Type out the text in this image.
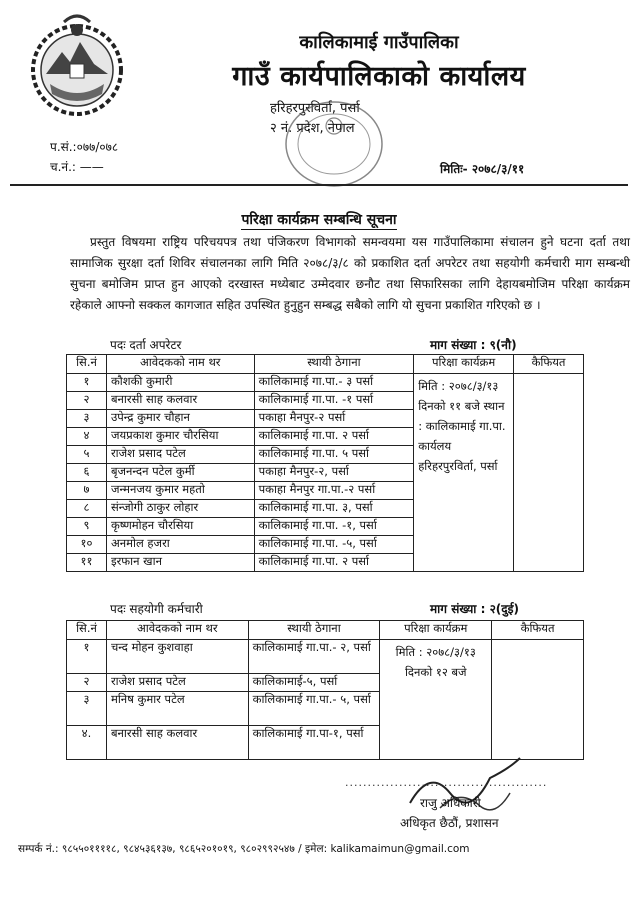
कालिकामाई गाउँपालिका
गाउँ कार्यपालिकाको कार्यालय
हरिहरपुरविर्ता, पर्सा
२ नं. प्रदेश, नेपाल
प.सं.:०७७/०७८
च.नं.: ——	मितिः- २०७८/३/११
परिक्षा कार्यक्रम सम्बन्धि सूचना
प्रस्तुत विषयमा राष्ट्रिय परिचयपत्र तथा पंजिकरण विभागको समन्वयमा यस गाउँपालिकामा संचालन हुने घटना दर्ता तथा सामाजिक सुरक्षा दर्ता शिविर संचालनका लागि मिति २०७८/३/८ को प्रकाशित दर्ता अपरेटर तथा सहयोगी कर्मचारी माग सम्बन्धी सुचना बमोजिम प्राप्त हुन आएको दरखास्त मध्येबाट उम्मेदवार छनौट तथा सिफारिसका लागि देहायबमोजिम परिक्षा कार्यक्रम रहेकाले आफ्नो सक्कल कागजात सहित उपस्थित हुनुहुन सम्बद्ध सबैको लागि यो सुचना प्रकाशित गरिएको छ ।
पदः दर्ता अपरेटर	माग संख्या : ९(नौ)
सि.नं	आवेदकको नाम थर	स्थायी ठेगाना	परिक्षा कार्यक्रम	कैफियत
१	कौशकी कुमारी	कालिकामाई गा.पा.- ३ पर्सा	मिति : २०७८/३/१३ दिनको ११ बजे स्थान : कालिकामाई गा.पा. कार्यलय हरिहरपुरविर्ता, पर्सा	
२	बनारसी साह कलवार	कालिकामाई गा.पा. -१ पर्सा		
३	उपेन्द्र कुमार चौहान	पकाहा मैनपुर-२ पर्सा		
४	जयप्रकाश कुमार चौरसिया	कालिकामाई गा.पा. २ पर्सा		
५	राजेश प्रसाद पटेल	कालिकामाई गा.पा. ५ पर्सा		
६	बृजनन्दन पटेल कुर्मी	पकाहा मैनपुर-२, पर्सा		
७	जन्मनजय कुमार महतो	पकाहा मैनपुर गा.पा.-२ पर्सा		
८	संन्जोगी ठाकुर लोहार	कालिकामाई गा.पा. ३, पर्सा		
९	कृष्णमोहन चौरसिया	कालिकामाई गा.पा. -१, पर्सा		
१०	अनमोल हजरा	कालिकामाई गा.पा. -५, पर्सा		
११	इरफान खान	कालिकामाई गा.पा. २ पर्सा		
पदः सहयोगी कर्मचारी	माग संख्या : २(दुई)
सि.नं	आवेदकको नाम थर	स्थायी ठेगाना	परिक्षा कार्यक्रम	कैफियत
१	चन्द मोहन कुशवाहा	कालिकामाई गा.पा.- २, पर्सा	मिति : २०७८/३/१३ दिनको १२ बजे	
२	राजेश प्रसाद पटेल	कालिकामाई-५, पर्सा		
३	मनिष कुमार पटेल	कालिकामाई गा.पा.- ५, पर्सा		
४.	बनारसी साह कलवार	कालिकामाई गा.पा-१, पर्सा		
.............................................
राजु अधिकारी
अधिकृत छैठौं, प्रशासन
सम्पर्क नं.: ९८५५०११११८, ९८४५३६१३७, ९८६५२०१०१९, ९८०२९९२५४७ / इमेल: kalikamaimun@gmail.com
